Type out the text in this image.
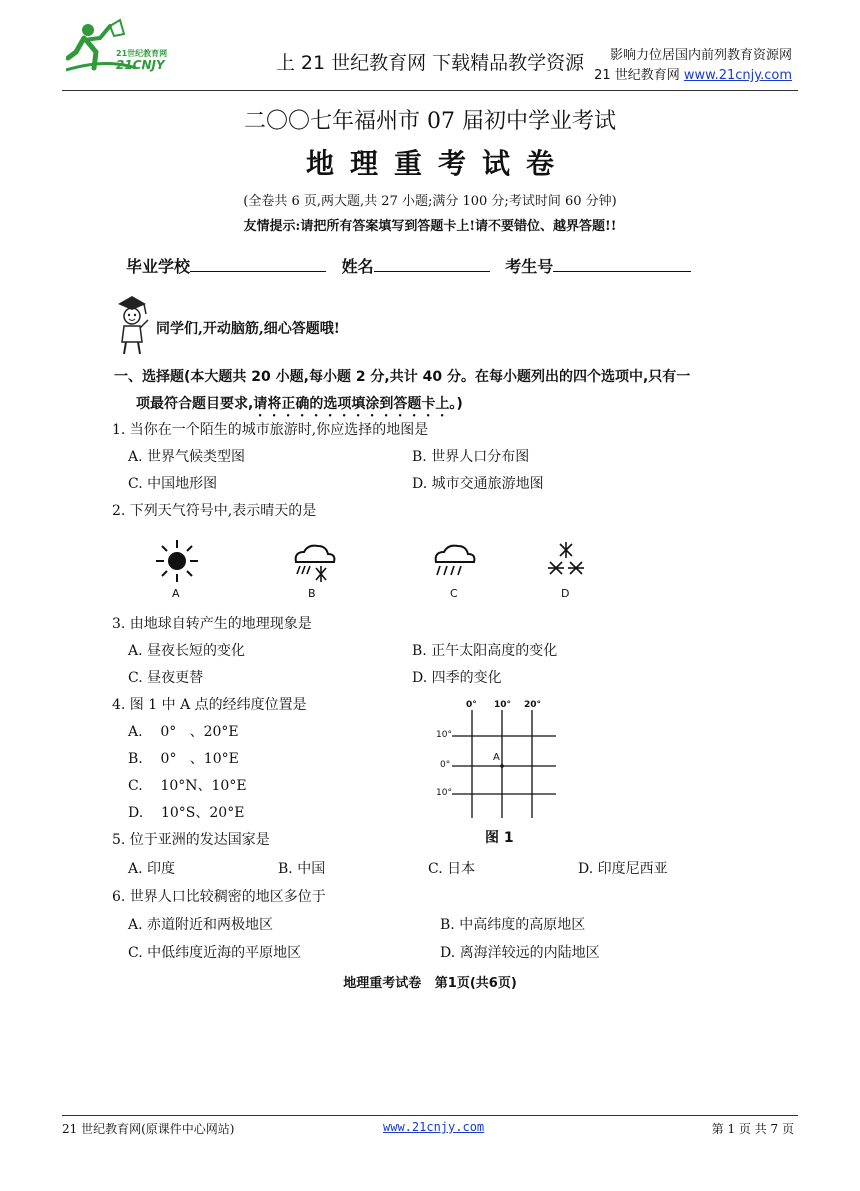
21世纪教育网
21CNJY	上 21 世纪教育网 下载精品教学资源	影响力位居国内前列教育资源网
21 世纪教育网 www.21cnjy.com
二〇〇七年福州市 07 届初中学业考试
地理重考试卷
(全卷共 6 页,两大题,共 27 小题;满分 100 分;考试时间 60 分钟)
友情提示:请把所有答案填写到答题卡上!请不要错位、越界答题!!
毕业学校	姓名	考生号
同学们,开动脑筋,细心答题哦!
一、选择题(本大题共 20 小题,每小题 2 分,共计 40 分。在每小题列出的四个选项中,只有一
项最符合题目要求,请将正确的选项填涂到答题卡上。)
1. 当你在一个陌生的城市旅游时,你应选择的地图是
A. 世界气候类型图	B. 世界人口分布图
C. 中国地形图	D. 城市交通旅游地图
2. 下列天气符号中,表示晴天的是
A	B	C	D
3. 由地球自转产生的地理现象是
A. 昼夜长短的变化	B. 正午太阳高度的变化
C. 昼夜更替	D. 四季的变化
4. 图 1 中 A 点的经纬度位置是
A.    0°   、20°E
B.    0°   、10°E
C.    10°N、10°E
D.    10°S、20°E
0° 10° 20°
10°
0°
10°
A
图 1
5. 位于亚洲的发达国家是
A. 印度	B. 中国	C. 日本	D. 印度尼西亚
6. 世界人口比较稠密的地区多位于
A. 赤道附近和两极地区	B. 中高纬度的高原地区
C. 中低纬度近海的平原地区	D. 离海洋较远的内陆地区
地理重考试卷   第1页(共6页)
21 世纪教育网(原课件中心网站)	www.21cnjy.com	第 1 页 共 7 页
